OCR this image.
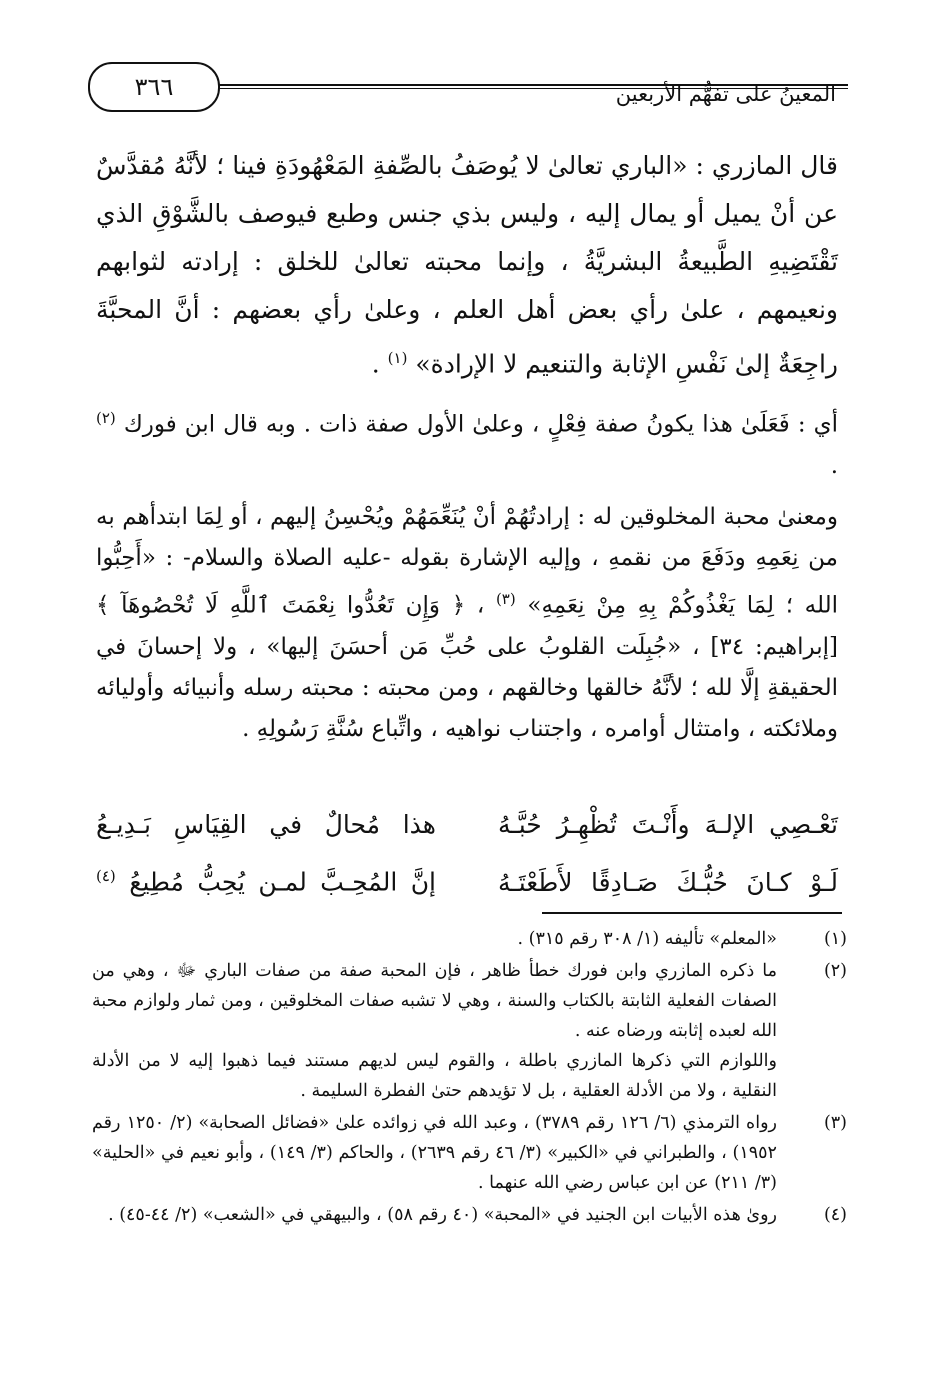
٣٦٦	المعينُ على تفهُّم الأربعين

قال المازري : «الباري تعالىٰ لا يُوصَفُ بالصِّفةِ المَعْهُودَةِ فينا ؛ لأنَّهُ مُقدَّسٌ عن أنْ يميل أو يمال إليه ، وليس بذي جنس وطبع فيوصف بالشَّوْقِ الذي تَقْتَضِيهِ الطَّبيعةُ البشريَّةُ ، وإنما محبته تعالىٰ للخلق : إرادته لثوابهم ونعيمهم ، علىٰ رأي بعض أهل العلم ، وعلىٰ رأي بعضهم : أنَّ المحبَّةَ راجِعَةٌ إلىٰ نَفْسِ الإثابة والتنعيم لا الإرادة» $^{(١)}$ .

أي : فَعَلَىٰ هذا يكونُ صفة فِعْلٍ ، وعلىٰ الأول صفة ذات . وبه قال ابن فورك $^{(٢)}$ .

ومعنىٰ محبة المخلوقين له : إرادتُهُمْ أنْ يُنَعِّمَهُمْ ويُحْسِنُ إليهم ، أو لِمَا ابتدأهم به من نِعَمِهِ ودَفَعَ من نقمهِ ، وإليه الإشارة بقوله -عليه الصلاة والسلام- : «أَحِبُّوا الله ؛ لِمَا يَغْذُوكُمْ بِهِ مِنْ نِعَمِهِ» $^{(٣)}$ ، ﴿ وَإِن تَعُدُّوا نِعْمَتَ ٱللَّهِ لَا تُحْصُوهَآ ﴾ [إبراهيم: ٣٤] ، «جُبِلَت القلوبُ على حُبِّ مَن أحسَنَ إليها» ، ولا إحسانَ في الحقيقةِ إلَّا لله ؛ لأنَّهُ خالقها وخالقهم ، ومن محبته : محبته رسله وأنبيائه وأوليائه وملائكته ، وامتثال أوامره ، واجتناب نواهيه ، واتِّباع سُنَّةِ رَسُولِهِ .

تَعْـصِي الإلـهَ وأَنْـتَ تُظْهِـرُ حُبَّـهُ
هذا مُحالٌ في القِيَاسِ بَـدِيـعُ
لَـوْ كـانَ حُبُّـكَ صَـادِقًا لأَطَعْتَـهُ
إنَّ المُحِـبَّ لمـن يُحِبُّ مُطِيعُ $^{(٤)}$
(١)

«المعلم» تأليفه (١/ ٣٠٨ رقم ٣١٥) .

(٢)

ما ذكره المازري وابن فورك خطأ ظاهر ، فإن المحبة صفة من صفات الباري ﷻ ، وهي من الصفات الفعلية الثابتة بالكتاب والسنة ، وهي لا تشبه صفات المخلوقين ، ومن ثمار ولوازم محبة الله لعبده إثابته ورضاه عنه .

واللوازم التي ذكرها المازري باطلة ، والقوم ليس لديهم مستند فيما ذهبوا إليه لا من الأدلة النقلية ، ولا من الأدلة العقلية ، بل لا تؤيدهم حتىٰ الفطرة السليمة .

(٣)

رواه الترمذي (٦/ ١٢٦ رقم ٣٧٨٩) ، وعبد الله في زوائده علىٰ «فضائل الصحابة» (٢/ ١٢٥٠ رقم ١٩٥٢) ، والطبراني في «الكبير» (٣/ ٤٦ رقم ٢٦٣٩) ، والحاكم (٣/ ١٤٩) ، وأبو نعيم في «الحلية» (٣/ ٢١١) عن ابن عباس رضي الله عنهما .

(٤)

روىٰ هذه الأبيات ابن الجنيد في «المحبة» (٤٠ رقم ٥٨) ، والبيهقي في «الشعب» (٢/ ٤٤-٤٥) .
